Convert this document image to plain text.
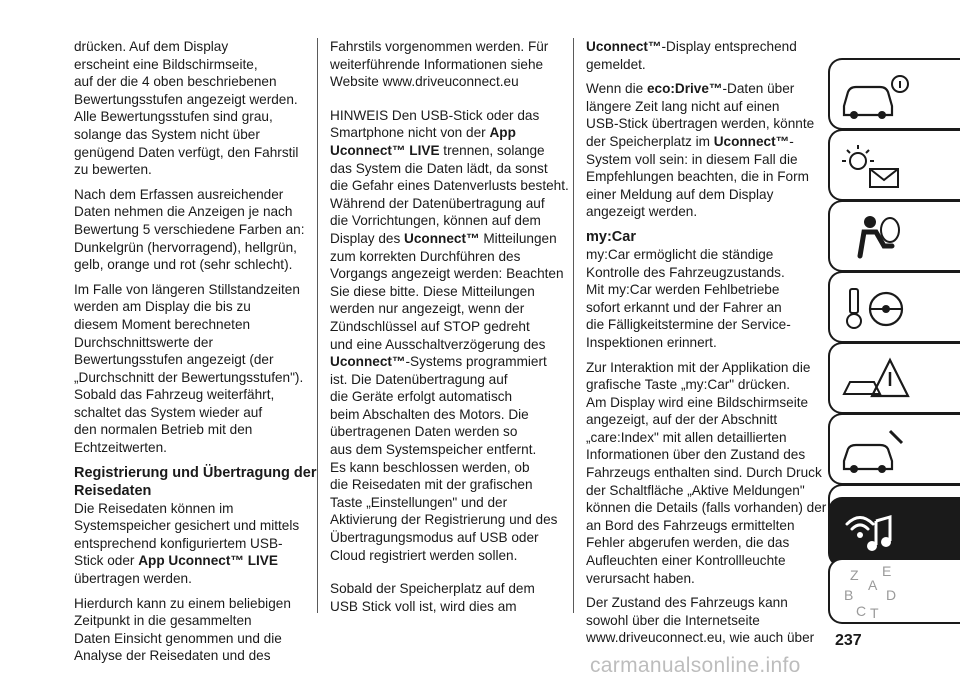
drücken. Auf dem Display
erscheint eine Bildschirmseite,
auf der die 4 oben beschriebenen
Bewertungsstufen angezeigt werden.
Alle Bewertungsstufen sind grau,
solange das System nicht über
genügend Daten verfügt, den Fahrstil
zu bewerten.
Nach dem Erfassen ausreichender
Daten nehmen die Anzeigen je nach
Bewertung 5 verschiedene Farben an:
Dunkelgrün (hervorragend), hellgrün,
gelb, orange und rot (sehr schlecht).
Im Falle von längeren Stillstandzeiten
werden am Display die bis zu
diesem Moment berechneten
Durchschnittswerte der
Bewertungsstufen angezeigt (der
„Durchschnitt der Bewertungsstufen").
Sobald das Fahrzeug weiterfährt,
schaltet das System wieder auf
den normalen Betrieb mit den
Echtzeitwerten.
Registrierung und Übertragung der
Reisedaten
Die Reisedaten können im
Systemspeicher gesichert und mittels
entsprechend konfiguriertem USB-
Stick oder App Uconnect™ LIVE
übertragen werden.
Hierdurch kann zu einem beliebigen
Zeitpunkt in die gesammelten
Daten Einsicht genommen und die
Analyse der Reisedaten und des
Fahrstils vorgenommen werden. Für
weiterführende Informationen siehe
Website www.driveuconnect.eu
HINWEIS Den USB-Stick oder das
Smartphone nicht von der App
Uconnect™ LIVE trennen, solange
das System die Daten lädt, da sonst
die Gefahr eines Datenverlusts besteht.
Während der Datenübertragung auf
die Vorrichtungen, können auf dem
Display des Uconnect™ Mitteilungen
zum korrekten Durchführen des
Vorgangs angezeigt werden: Beachten
Sie diese bitte. Diese Mitteilungen
werden nur angezeigt, wenn der
Zündschlüssel auf STOP gedreht
und eine Ausschaltverzögerung des
Uconnect™-Systems programmiert
ist. Die Datenübertragung auf
die Geräte erfolgt automatisch
beim Abschalten des Motors. Die
übertragenen Daten werden so
aus dem Systemspeicher entfernt.
Es kann beschlossen werden, ob
die Reisedaten mit der grafischen
Taste „Einstellungen" und der
Aktivierung der Registrierung und des
Übertragungsmodus auf USB oder
Cloud registriert werden sollen.
Sobald der Speicherplatz auf dem
USB Stick voll ist, wird dies am
Uconnect™-Display entsprechend
gemeldet.
Wenn die eco:Drive™-Daten über
längere Zeit lang nicht auf einen
USB-Stick übertragen werden, könnte
der Speicherplatz im Uconnect™-
System voll sein: in diesem Fall die
Empfehlungen beachten, die in Form
einer Meldung auf dem Display
angezeigt werden.
my:Car
my:Car ermöglicht die ständige
Kontrolle des Fahrzeugzustands.
Mit my:Car werden Fehlbetriebe
sofort erkannt und der Fahrer an
die Fälligkeitstermine der Service-
Inspektionen erinnert.
Zur Interaktion mit der Applikation die
grafische Taste „my:Car" drücken.
Am Display wird eine Bildschirmseite
angezeigt, auf der der Abschnitt
„care:Index" mit allen detaillierten
Informationen über den Zustand des
Fahrzeugs enthalten sind. Durch Druck
der Schaltfläche „Aktive Meldungen"
können die Details (falls vorhanden) der
an Bord des Fahrzeugs ermittelten
Fehler abgerufen werden, die das
Aufleuchten einer Kontrollleuchte
verursacht haben.
Der Zustand des Fahrzeugs kann
sowohl über die Internetseite
www.driveuconnect.eu, wie auch über
Z E
B
C
D
T
A
237
carmanualsonline.info
